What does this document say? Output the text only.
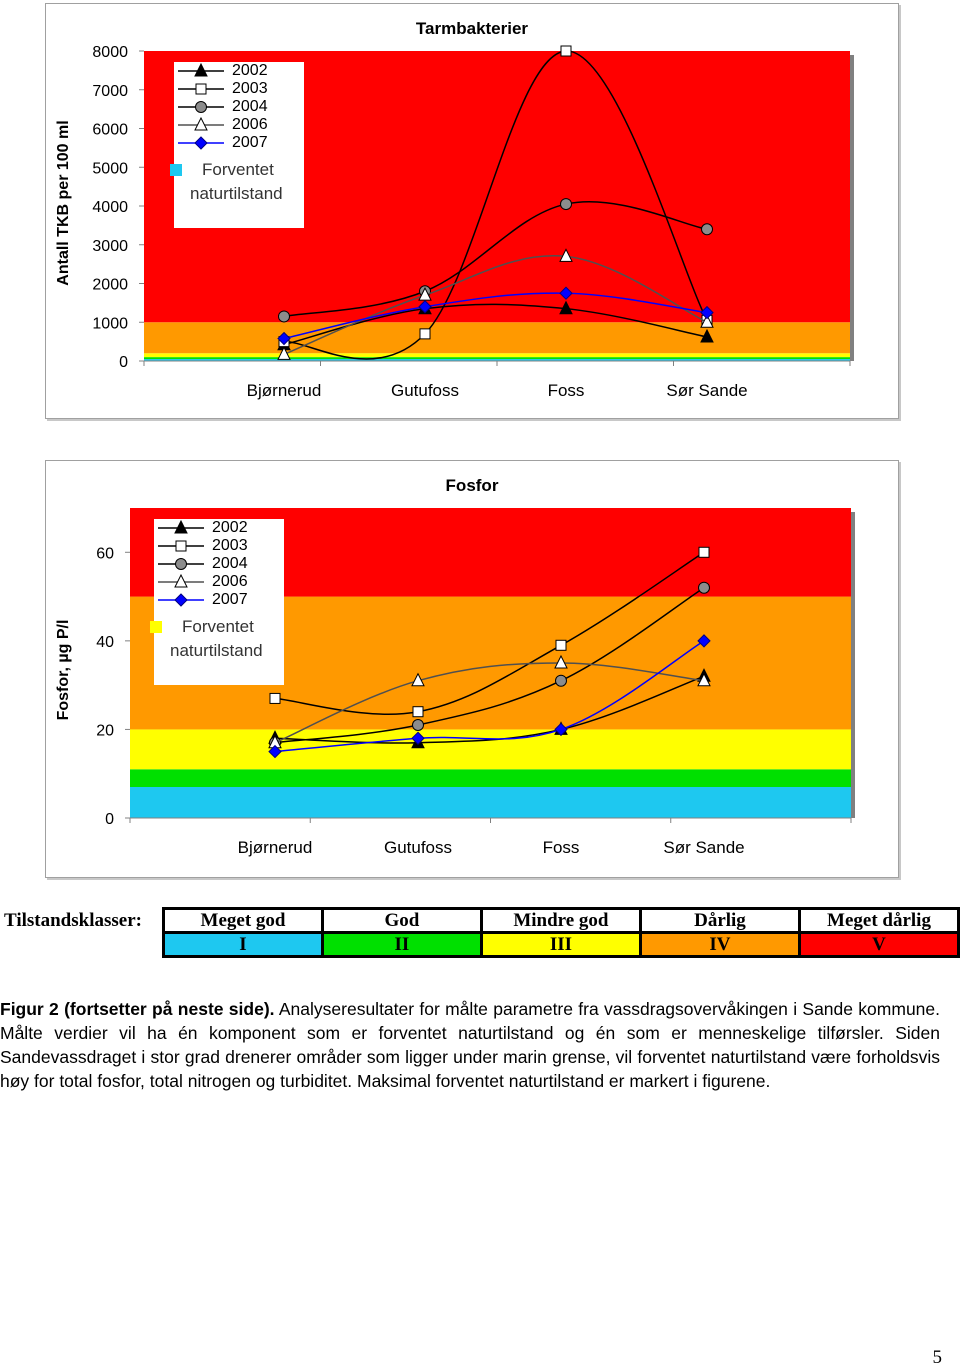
Tarmbakterier
Antall TKB per 100 ml
0
1000
2000
3000
4000
5000
6000
7000
8000
Bjørnerud	Gutufoss	Foss	Sør Sande
2002
2003
2004
2006
2007
Forventet naturtilstand
Fosfor
Fosfor, µg P/l
0
20
40
60
Bjørnerud	Gutufoss	Foss	Sør Sande
2002
2003
2004
2006
2007
Forventet naturtilstand
Tilstandsklasser:	Meget god	God	Mindre god	Dårlig	Meget dårlig
I	II	III	IV	V
Figur 2 (fortsetter på neste side). Analyseresultater for målte parametre fra vassdragsovervåkingen i Sande kommune. Målte verdier vil ha én komponent som er forventet naturtilstand og én som er menneskelige tilførsler. Siden Sandevassdraget i stor grad drenerer områder som ligger under marin grense, vil forventet naturtilstand være forholdsvis høy for total fosfor, total nitrogen og turbiditet. Maksimal forventet naturtilstand er markert i figurene.
5
